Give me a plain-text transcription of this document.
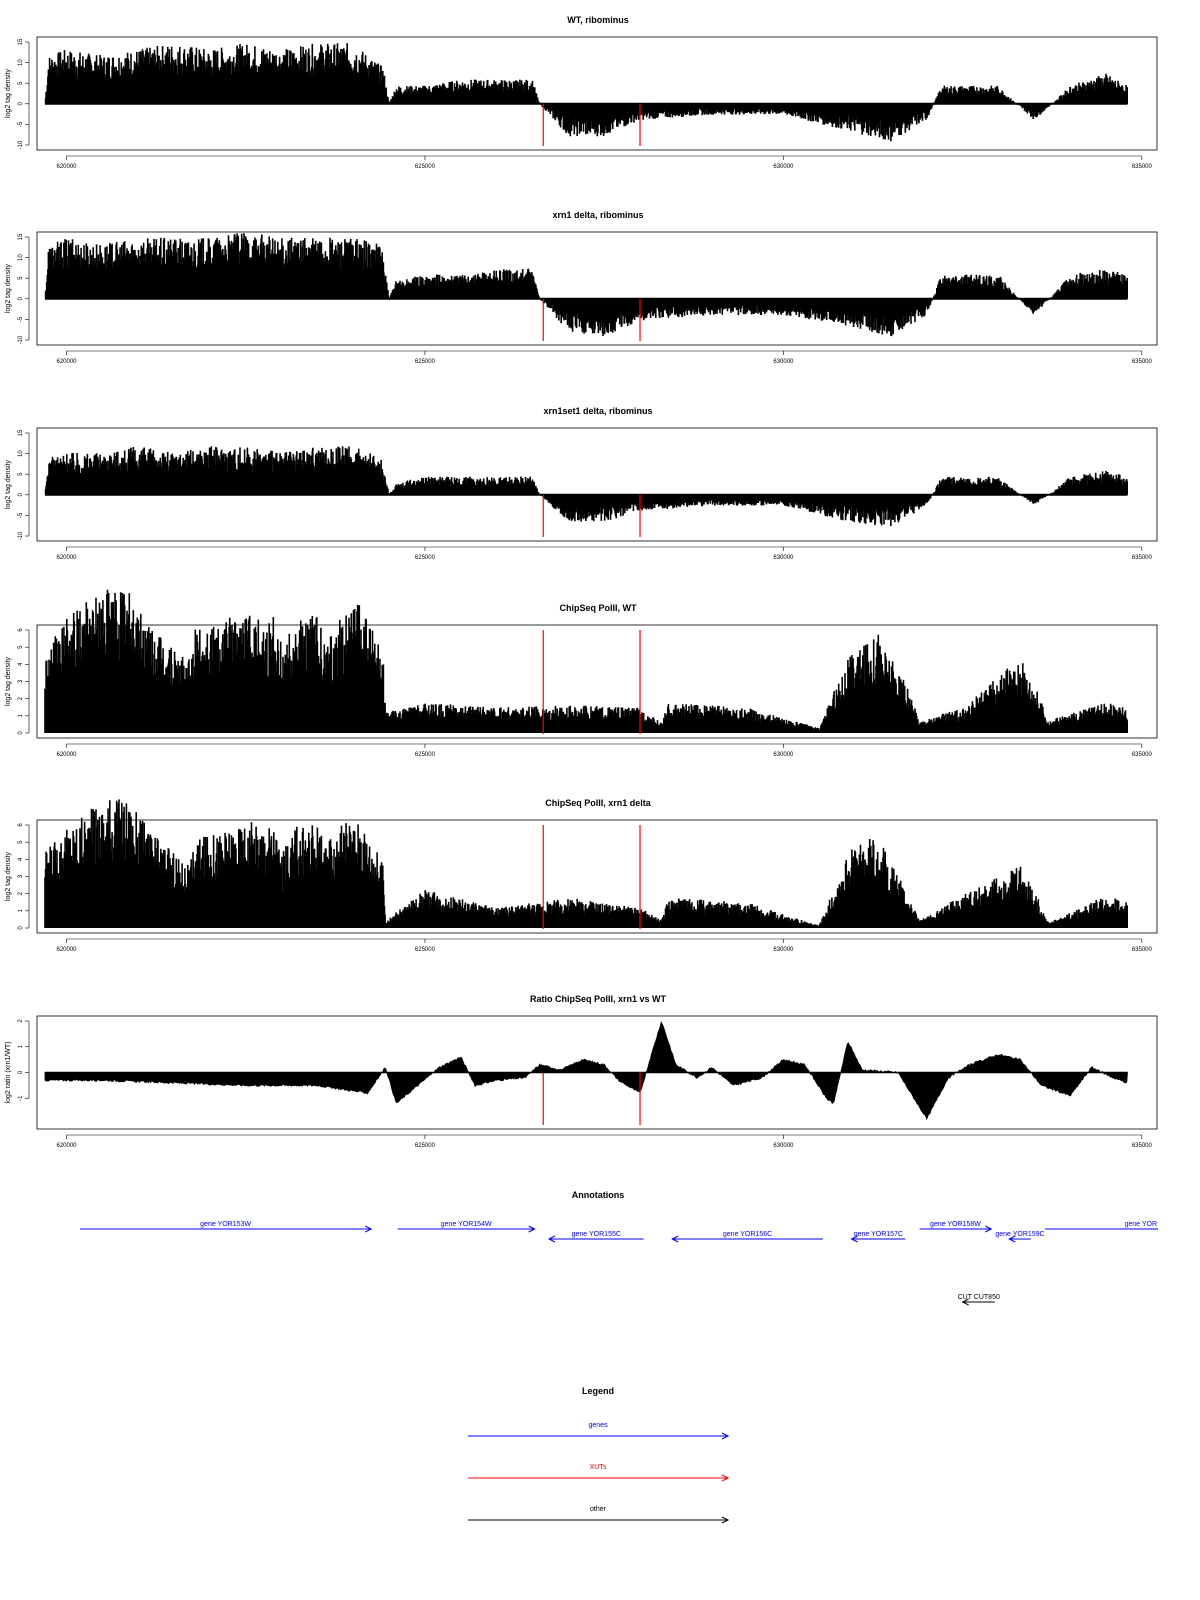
WT, ribominus
-10
-5
0
5
10
15
log2 tag density
620000	625000	630000	635000
xrn1 delta, ribominus
-10
-5
0
5
10
15
log2 tag density
620000	625000	630000	635000
xrn1set1 delta, ribominus
-10
-5
0
5
10
15
log2 tag density
620000	625000	630000	635000
ChipSeq PolII, WT
0
1
2
3
4
5
6
log2 tag density
620000	625000	630000	635000
ChipSeq PolII, xrn1 delta
0
1
2
3
4
5
6
log2 tag density
620000	625000	630000	635000
Ratio ChipSeq PolII, xrn1 vs WT
-1
0
1
2
log2 ratio (xrn1/WT)
620000	625000	630000	635000
Annotations
gene YOR153W	gene YOR154W
gene YOR155C	gene YOR156C	gene YOR157C
gene YOR158W
gene YOR159C
gene YOR
CUT CUT850
Legend
genes
XUTs
other
